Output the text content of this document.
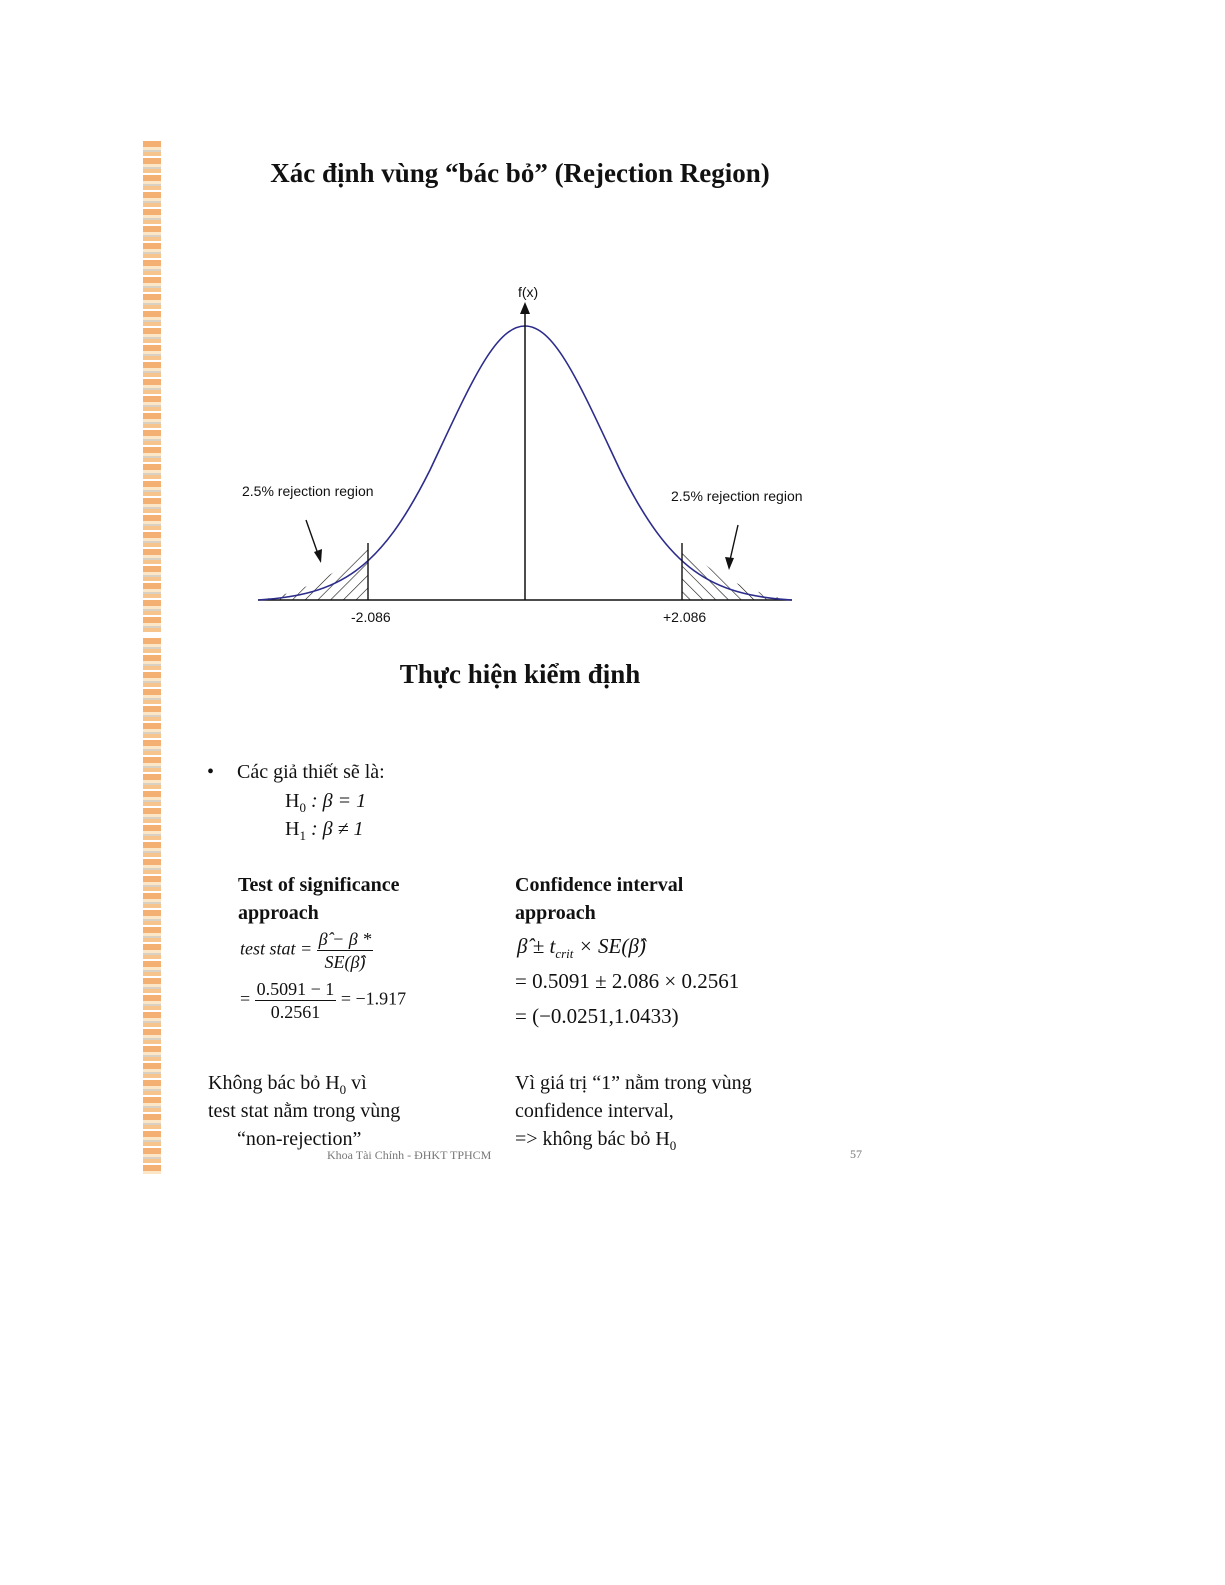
Xác định vùng “bác bỏ” (Rejection Region)
f(x)
2.5% rejection region	2.5% rejection region
-2.086	+2.086
Thực hiện kiểm định
• Các giả thiết sẽ là:
$H_0$ : β = 1
$H_1$ : β ≠ 1
Test of significance
approach
test stat = $\frac{\betâ - \beta *}{SE(\betâ)}$
= $\frac{0.5091 - 1}{0.2561} = -1.917$
Không bác bỏ $H_0$ vì
test stat nằm trong vùng
“non-rejection”
Confidence interval
approach
β̂ ± $t_{crit}$ × SE(β̂)
= 0.5091 ± 2.086 × 0.2561
= (−0.0251,1.0433)
Vì giá trị “1” nằm trong vùng
confidence interval,
=> không bác bỏ $H_0$
Khoa Tài Chính - ĐHKT TPHCM	57
